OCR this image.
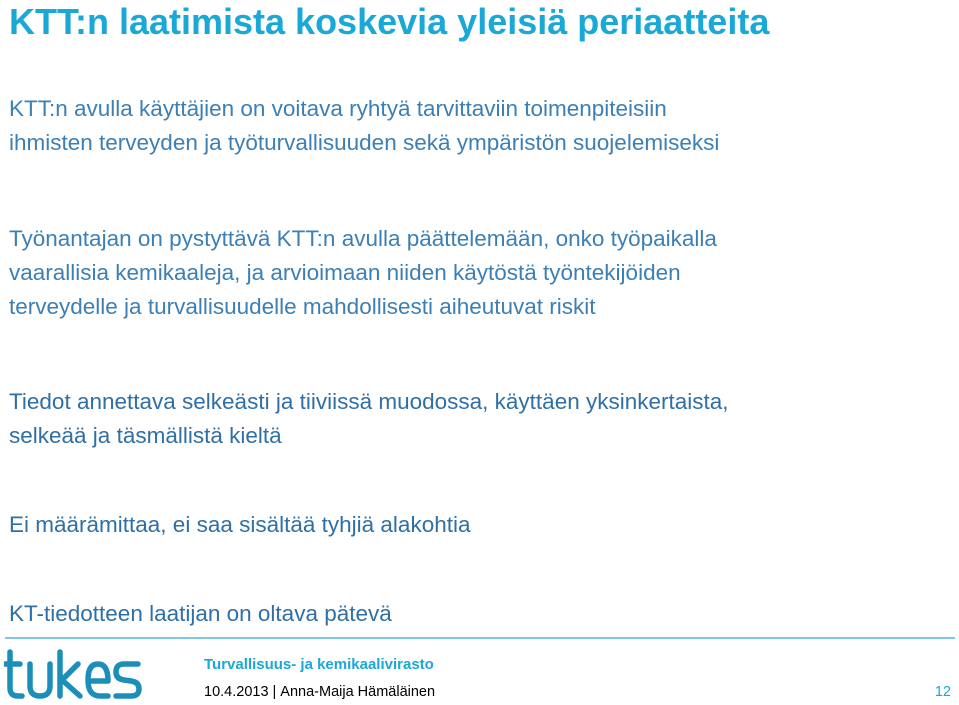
KTT:n laatimista koskevia yleisiä periaatteita
KTT:n avulla käyttäjien on voitava ryhtyä tarvittaviin toimenpiteisiin
ihmisten terveyden ja työturvallisuuden sekä ympäristön suojelemiseksi
Työnantajan on pystyttävä KTT:n avulla päättelemään, onko työpaikalla
vaarallisia kemikaaleja, ja arvioimaan niiden käytöstä työntekijöiden
terveydelle ja turvallisuudelle mahdollisesti aiheutuvat riskit
Tiedot annettava selkeästi ja tiiviissä muodossa, käyttäen yksinkertaista,
selkeää ja täsmällistä kieltä
Ei määrämittaa, ei saa sisältää tyhjiä alakohtia
KT-tiedotteen laatijan on oltava pätevä
Turvallisuus- ja kemikaalivirasto
10.4.2013 | Anna-Maija Hämäläinen	12
